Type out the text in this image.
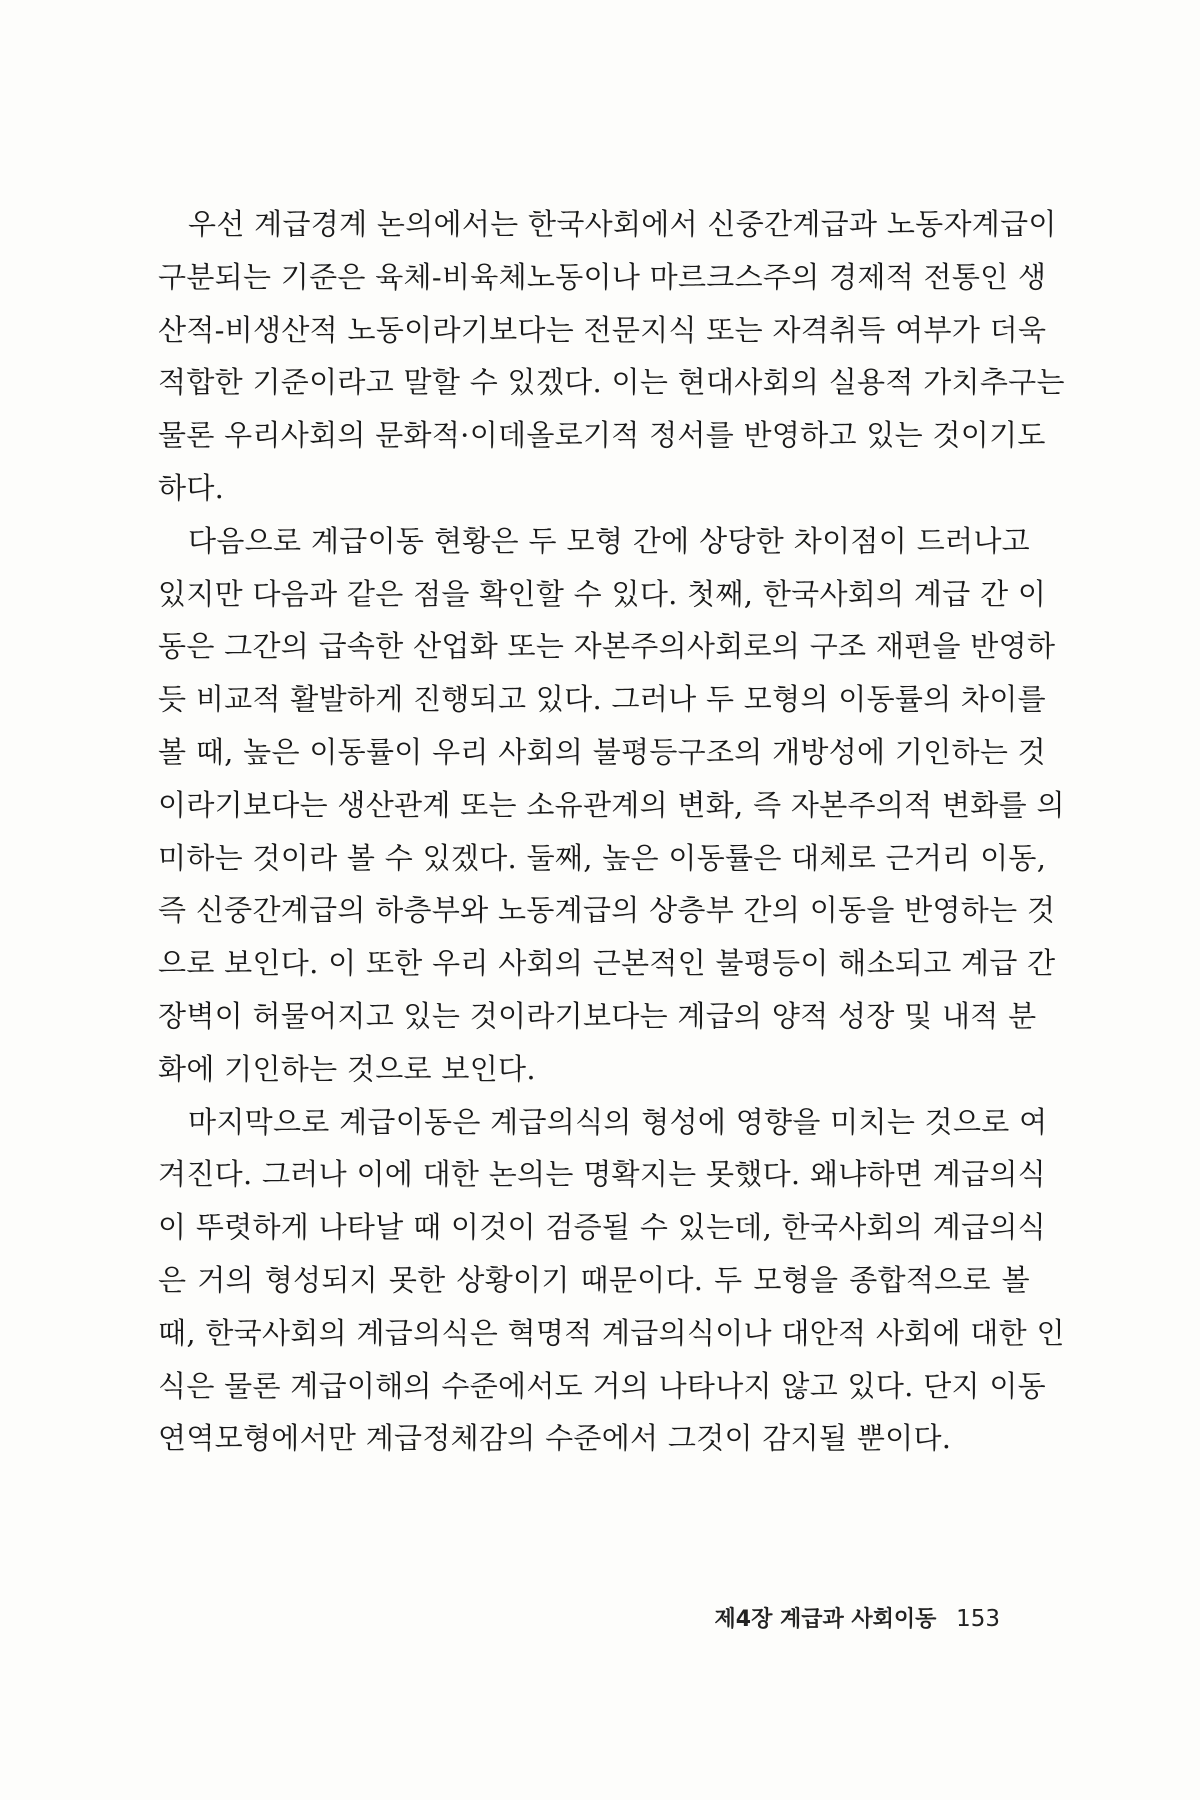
우선 계급경계 논의에서는 한국사회에서 신중간계급과 노동자계급이
구분되는 기준은 육체-비육체노동이나 마르크스주의 경제적 전통인 생
산적-비생산적 노동이라기보다는 전문지식 또는 자격취득 여부가 더욱
적합한 기준이라고 말할 수 있겠다. 이는 현대사회의 실용적 가치추구는
물론 우리사회의 문화적·이데올로기적 정서를 반영하고 있는 것이기도
하다.
다음으로 계급이동 현황은 두 모형 간에 상당한 차이점이 드러나고
있지만 다음과 같은 점을 확인할 수 있다. 첫째, 한국사회의 계급 간 이
동은 그간의 급속한 산업화 또는 자본주의사회로의 구조 재편을 반영하
듯 비교적 활발하게 진행되고 있다. 그러나 두 모형의 이동률의 차이를
볼 때, 높은 이동률이 우리 사회의 불평등구조의 개방성에 기인하는 것
이라기보다는 생산관계 또는 소유관계의 변화, 즉 자본주의적 변화를 의
미하는 것이라 볼 수 있겠다. 둘째, 높은 이동률은 대체로 근거리 이동,
즉 신중간계급의 하층부와 노동계급의 상층부 간의 이동을 반영하는 것
으로 보인다. 이 또한 우리 사회의 근본적인 불평등이 해소되고 계급 간
장벽이 허물어지고 있는 것이라기보다는 계급의 양적 성장 및 내적 분
화에 기인하는 것으로 보인다.
마지막으로 계급이동은 계급의식의 형성에 영향을 미치는 것으로 여
겨진다. 그러나 이에 대한 논의는 명확지는 못했다. 왜냐하면 계급의식
이 뚜렷하게 나타날 때 이것이 검증될 수 있는데, 한국사회의 계급의식
은 거의 형성되지 못한 상황이기 때문이다. 두 모형을 종합적으로 볼
때, 한국사회의 계급의식은 혁명적 계급의식이나 대안적 사회에 대한 인
식은 물론 계급이해의 수준에서도 거의 나타나지 않고 있다. 단지 이동
연역모형에서만 계급정체감의 수준에서 그것이 감지될 뿐이다.
제4장 계급과 사회이동 153
